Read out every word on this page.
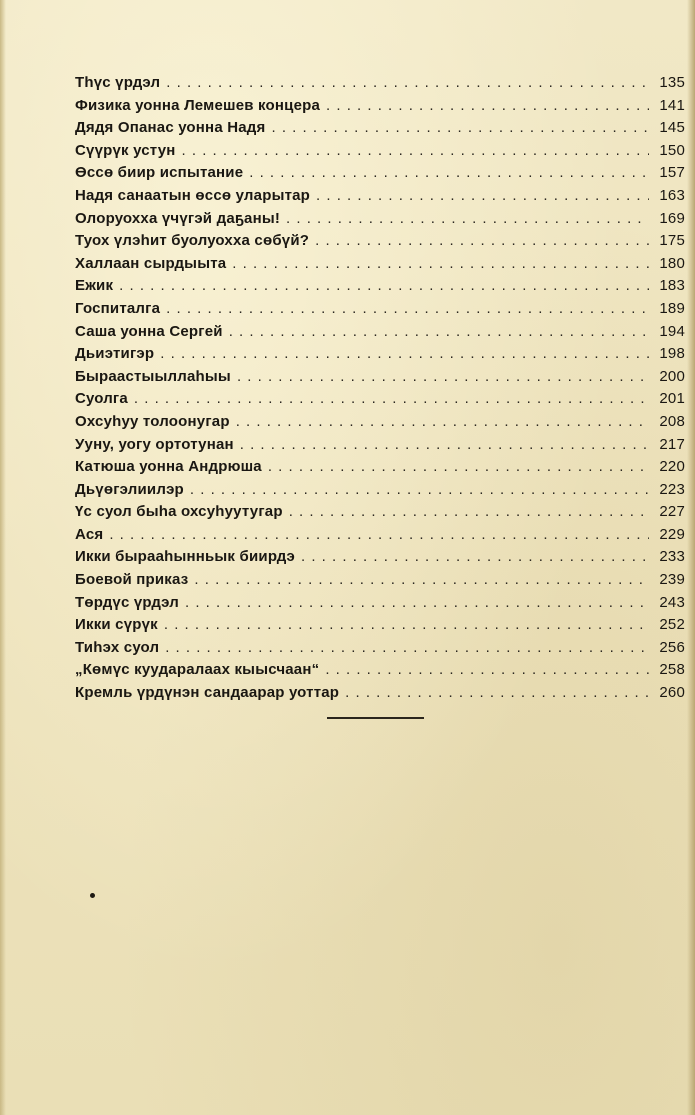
Тһүс үрдэл . . .	135
Физика уонна Лемешев концера . . .	141
Дядя Опанас уонна Надя . . .	145
Сүүрүк устун . . .	150
Өссө биир испытание . . .	157
Надя санаатын өссө уларытар . . .	163
Олоруохха үчүгэй даҕаны! . . .	169
Туох үлэһит буолуохха сөбүй? . . .	175
Халлаан сырдыыта . . .	180
Ежик . . .	183
Госпиталга . . .	189
Саша уонна Сергей . . .	194
Дьиэтигэр . . .	198
Быраастыыллаһыы . . .	200
Суолга . . .	201
Охсуһуу толоонугар . . .	208
Ууну, уогу ортотунан . . .	217
Катюша уонна Андрюша . . .	220
Дьүөгэлиилэр . . .	223
Үс суол быһа охсуһуутугар . . .	227
Ася . . .	229
Икки бырааһынньык биирдэ . . .	233
Боевой приказ . . .	239
Төрдүс үрдэл . . .	243
Икки сүрүк . . .	252
Тиһэх суол . . .	256
„Көмүс куударалаах кыысчаан“ . . .	258
Кремль үрдүнэн сандаарар уоттар . . .	260
